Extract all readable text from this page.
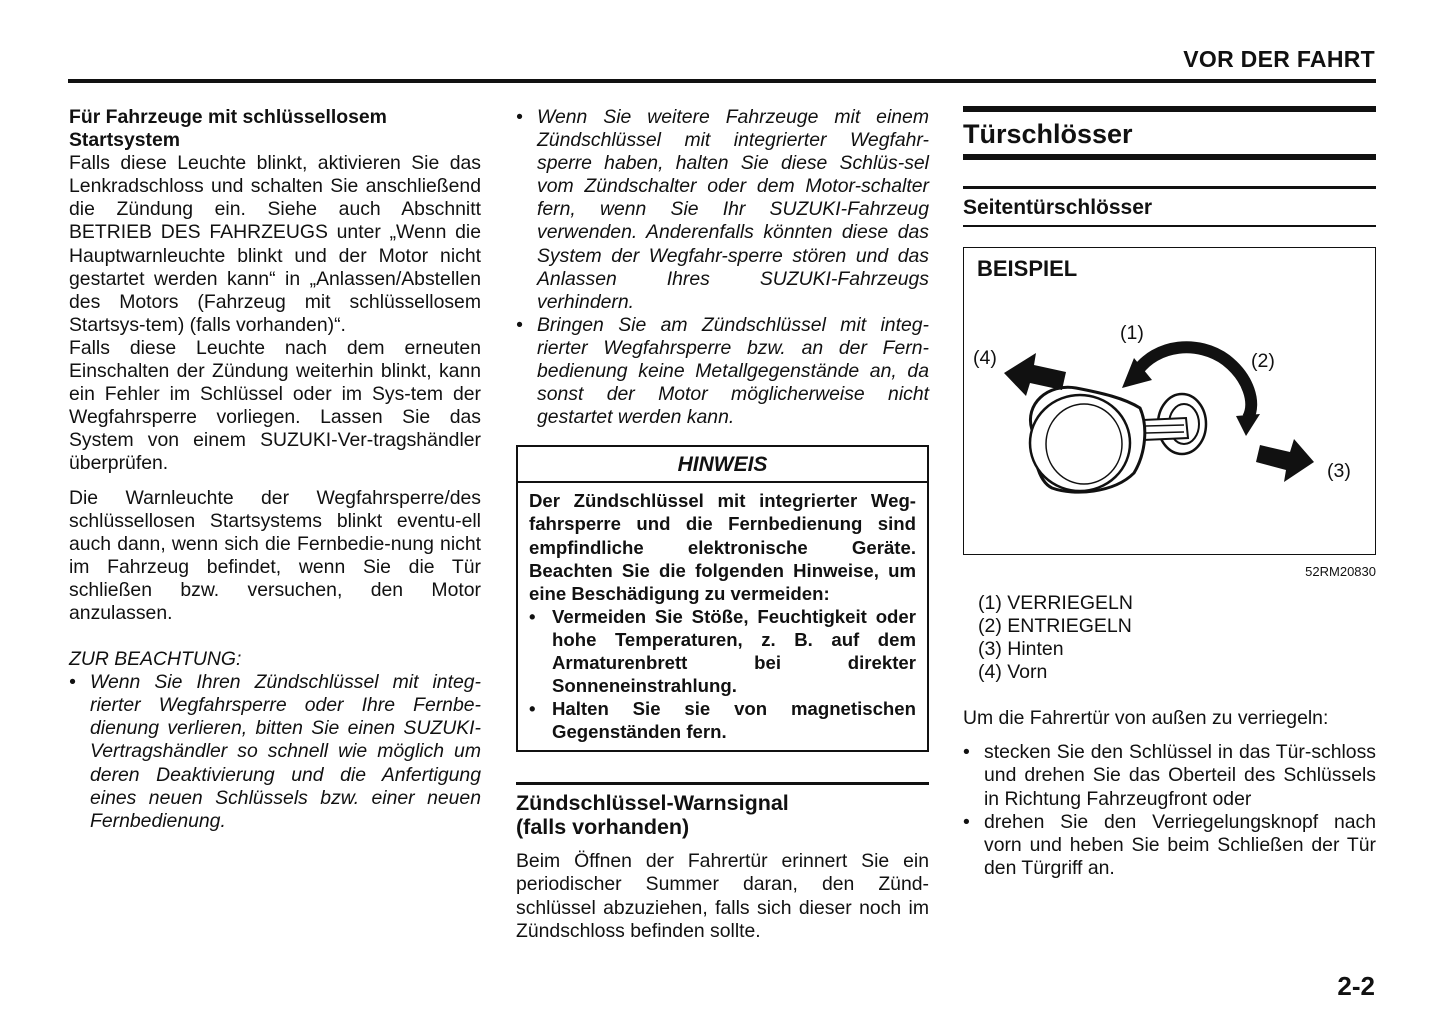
VOR DER FAHRT

Für Fahrzeuge mit schlüssellosem Startsystem

Falls diese Leuchte blinkt, aktivieren Sie das Lenkradschloss und schalten Sie anschließend die Zündung ein. Siehe auch Abschnitt BETRIEB DES FAHRZEUGS unter „Wenn die Hauptwarnleuchte blinkt und der Motor nicht gestartet werden kann“ in „Anlassen/Abstellen des Motors (Fahrzeug mit schlüssellosem Startsys-tem) (falls vorhanden)“.

Falls diese Leuchte nach dem erneuten Einschalten der Zündung weiterhin blinkt, kann ein Fehler im Schlüssel oder im Sys-tem der Wegfahrsperre vorliegen. Lassen Sie das System von einem SUZUKI-Ver-tragshändler überprüfen.

Die Warnleuchte der Wegfahrsperre/des schlüssellosen Startsystems blinkt eventu-ell auch dann, wenn sich die Fernbedie-nung nicht im Fahrzeug befindet, wenn Sie die Tür schließen bzw. versuchen, den Motor anzulassen.

ZUR BEACHTUNG:

• Wenn Sie Ihren Zündschlüssel mit integ-rierter Wegfahrsperre oder Ihre Fernbe-dienung verlieren, bitten Sie einen SUZUKI-Vertragshändler so schnell wie möglich um deren Deaktivierung und die Anfertigung eines neuen Schlüssels bzw. einer neuen Fernbedienung.
• Wenn Sie weitere Fahrzeuge mit einem Zündschlüssel mit integrierter Wegfahr-sperre haben, halten Sie diese Schlüs-sel vom Zündschalter oder dem Motor-schalter fern, wenn Sie Ihr SUZUKI-Fahrzeug verwenden. Anderenfalls könnten diese das System der Wegfahr-sperre stören und das Anlassen Ihres SUZUKI-Fahrzeugs verhindern.
• Bringen Sie am Zündschlüssel mit integ-rierter Wegfahrsperre bzw. an der Fern-bedienung keine Metallgegenstände an, da sonst der Motor möglicherweise nicht gestartet werden kann.
HINWEIS

Der Zündschlüssel mit integrierter Weg-fahrsperre und die Fernbedienung sind empfindliche elektronische Geräte. Beachten Sie die folgenden Hinweise, um eine Beschädigung zu vermeiden:

• Vermeiden Sie Stöße, Feuchtigkeit oder hohe Temperaturen, z. B. auf dem Armaturenbrett bei direkter Sonneneinstrahlung.
• Halten Sie sie von magnetischen Gegenständen fern.
Zündschlüssel-Warnsignal
(falls vorhanden)

Beim Öffnen der Fahrertür erinnert Sie ein periodischer Summer daran, den Zünd-schlüssel abzuziehen, falls sich dieser noch im Zündschloss befinden sollte.

Türschlösser
Seitentürschlösser
BEISPIEL
(1)
(2)
(3)
(4)
52RM20830
(1) VERRIEGELN
(2) ENTRIEGELN
(3) Hinten
(4) Vorn

Um die Fahrertür von außen zu verriegeln:

• stecken Sie den Schlüssel in das Tür-schloss und drehen Sie das Oberteil des Schlüssels in Richtung Fahrzeugfront oder
• drehen Sie den Verriegelungsknopf nach vorn und heben Sie beim Schließen der Tür den Türgriff an.
2-2
